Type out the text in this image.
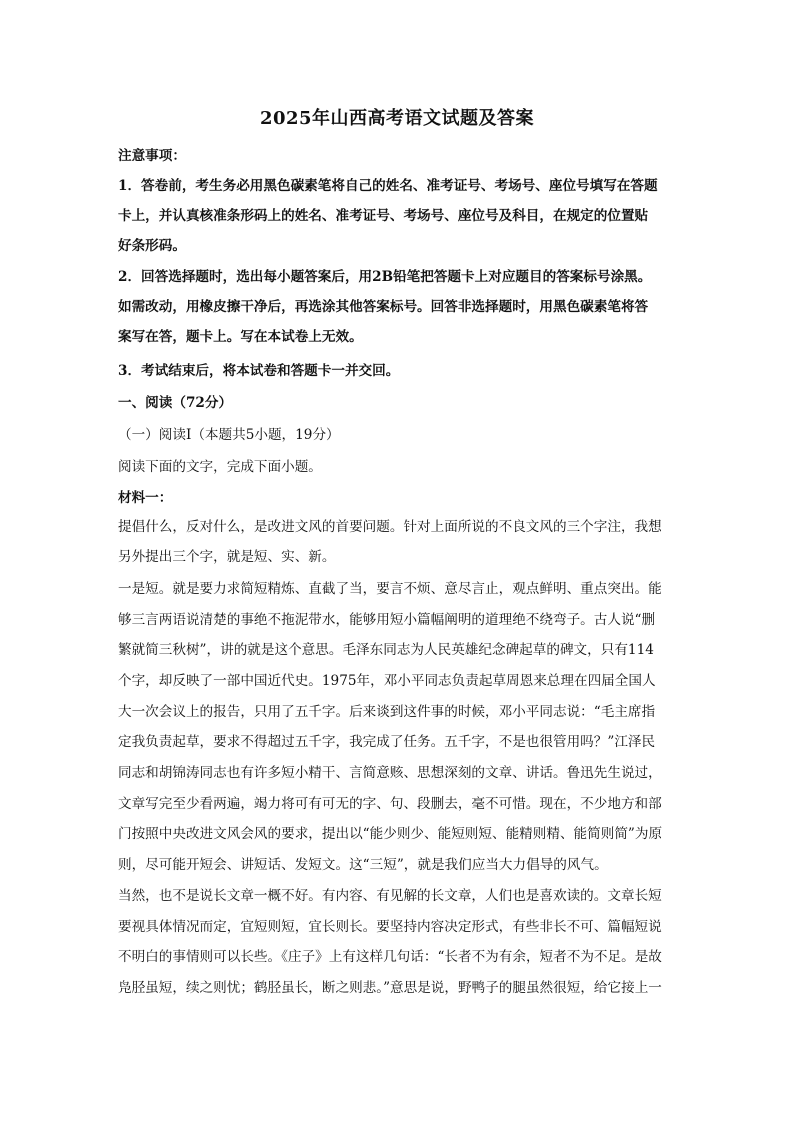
2025年山西高考语文试题及答案
注意事项：
1．答卷前，考生务必用黑色碳素笔将自己的姓名、准考证号、考场号、座位号填写在答题
卡上，并认真核准条形码上的姓名、准考证号、考场号、座位号及科目，在规定的位置贴
好条形码。
2．回答选择题时，选出每小题答案后，用2B铅笔把答题卡上对应题目的答案标号涂黑。
如需改动，用橡皮擦干净后，再选涂其他答案标号。回答非选择题时，用黑色碳素笔将答
案写在答，题卡上。写在本试卷上无效。
3．考试结束后，将本试卷和答题卡一并交回。
一、阅读（72分）
（一）阅读Ⅰ（本题共5小题，19分）
阅读下面的文字，完成下面小题。
材料一：
提倡什么，反对什么，是改进文风的首要问题。针对上面所说的不良文风的三个字注，我想
另外提出三个字，就是短、实、新。
一是短。就是要力求简短精炼、直截了当，要言不烦、意尽言止，观点鲜明、重点突出。能
够三言两语说清楚的事绝不拖泥带水，能够用短小篇幅阐明的道理绝不绕弯子。古人说“删
繁就简三秋树”，讲的就是这个意思。毛泽东同志为人民英雄纪念碑起草的碑文，只有114
个字，却反映了一部中国近代史。1975年，邓小平同志负责起草周恩来总理在四届全国人
大一次会议上的报告，只用了五千字。后来谈到这件事的时候，邓小平同志说：“毛主席指
定我负责起草，要求不得超过五千字，我完成了任务。五千字，不是也很管用吗？”江泽民
同志和胡锦涛同志也有许多短小精干、言简意赅、思想深刻的文章、讲话。鲁迅先生说过，
文章写完至少看两遍，竭力将可有可无的字、句、段删去，毫不可惜。现在，不少地方和部
门按照中央改进文风会风的要求，提出以“能少则少、能短则短、能精则精、能简则简”为原
则，尽可能开短会、讲短话、发短文。这“三短”，就是我们应当大力倡导的风气。
当然，也不是说长文章一概不好。有内容、有见解的长文章，人们也是喜欢读的。文章长短
要视具体情况而定，宜短则短，宜长则长。要坚持内容决定形式，有些非长不可、篇幅短说
不明白的事情则可以长些。《庄子》上有这样几句话：“长者不为有余，短者不为不足。是故
凫胫虽短，续之则忧；鹤胫虽长，断之则悲。”意思是说，野鸭子的腿虽然很短，给它接上一
